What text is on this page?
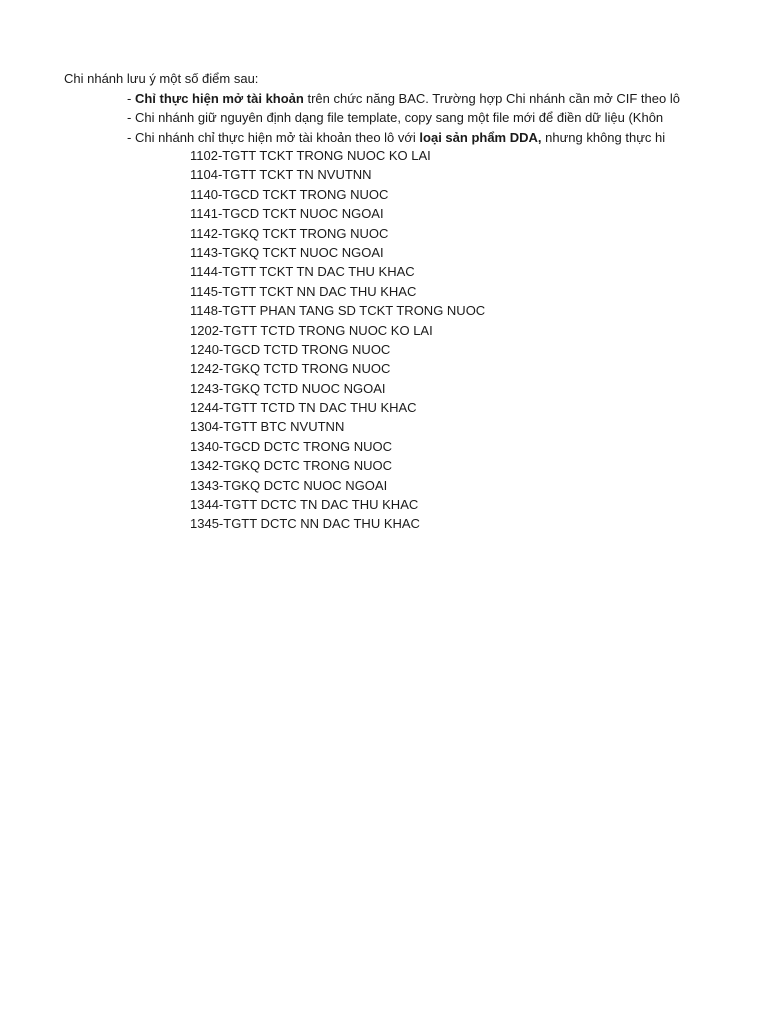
Chi nhánh lưu ý một số điểm sau:
- Chỉ thực hiện mở tài khoản trên chức năng BAC. Trường hợp Chi nhánh cần mở CIF theo lô
- Chi nhánh giữ nguyên định dạng file template, copy sang một file mới để điền dữ liệu (Khôn
- Chi nhánh chỉ thực hiện mở tài khoản theo lô với loại sản phẩm DDA, nhưng không thực hi
1102-TGTT TCKT TRONG NUOC KO LAI
1104-TGTT TCKT TN NVUTNN
1140-TGCD TCKT TRONG NUOC
1141-TGCD TCKT NUOC NGOAI
1142-TGKQ TCKT TRONG NUOC
1143-TGKQ TCKT NUOC NGOAI
1144-TGTT TCKT TN DAC THU KHAC
1145-TGTT TCKT NN DAC THU KHAC
1148-TGTT PHAN TANG SD TCKT TRONG NUOC
1202-TGTT TCTD TRONG NUOC KO LAI
1240-TGCD TCTD TRONG NUOC
1242-TGKQ TCTD TRONG NUOC
1243-TGKQ TCTD NUOC NGOAI
1244-TGTT TCTD TN DAC THU KHAC
1304-TGTT BTC NVUTNN
1340-TGCD DCTC TRONG NUOC
1342-TGKQ DCTC TRONG NUOC
1343-TGKQ DCTC NUOC NGOAI
1344-TGTT DCTC TN DAC THU KHAC
1345-TGTT DCTC NN DAC THU KHAC
